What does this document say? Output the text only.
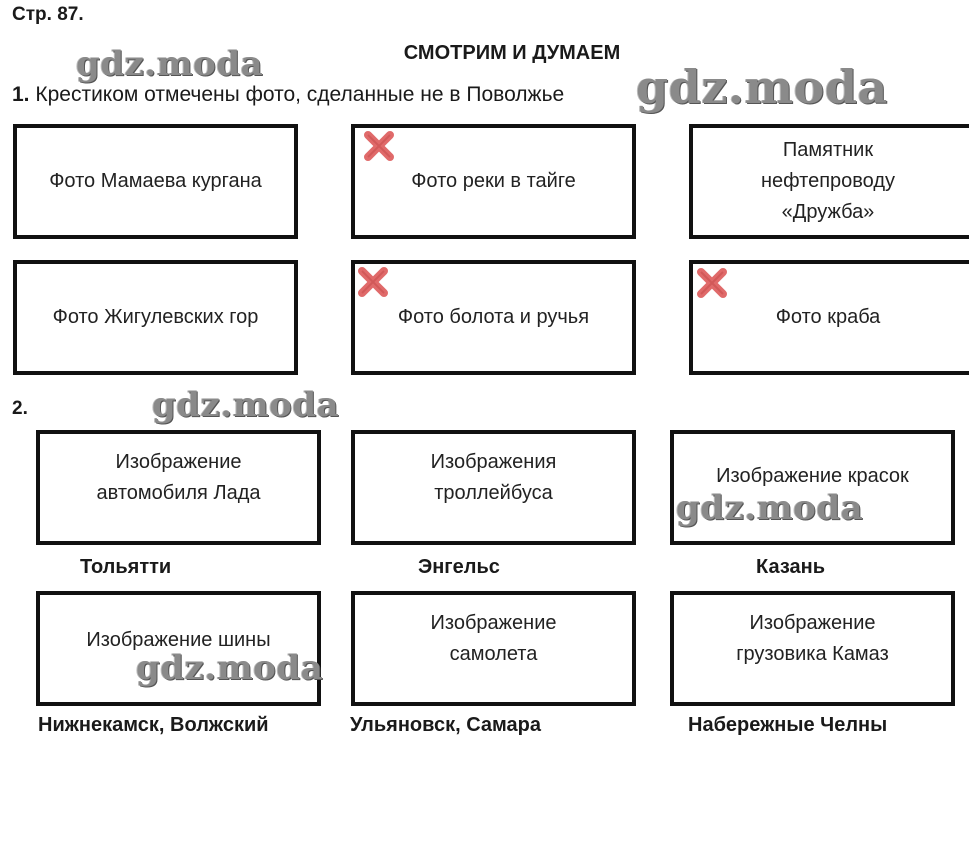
Стр. 87.
СМОТРИМ И ДУМАЕМ
1. Крестиком отмечены фото, сделанные не в Поволжье
Фото Мамаева кургана	Фото реки в тайге
Памятник нефтепроводу «Дружба»
Фото Жигулевских гор	Фото болота и ручья	Фото краба
2.
Изображение автомобиля Лада
Изображения троллейбуса
Изображение красок
Тольятти	Энгельс	Казань
Изображение шины
Изображение самолета
Изображение грузовика Камаз
Нижнекамск, Волжский	Ульяновск, Самара	Набережные Челны
gdz.moda	gdz.moda
gdz.moda
gdz.moda
gdz.moda
